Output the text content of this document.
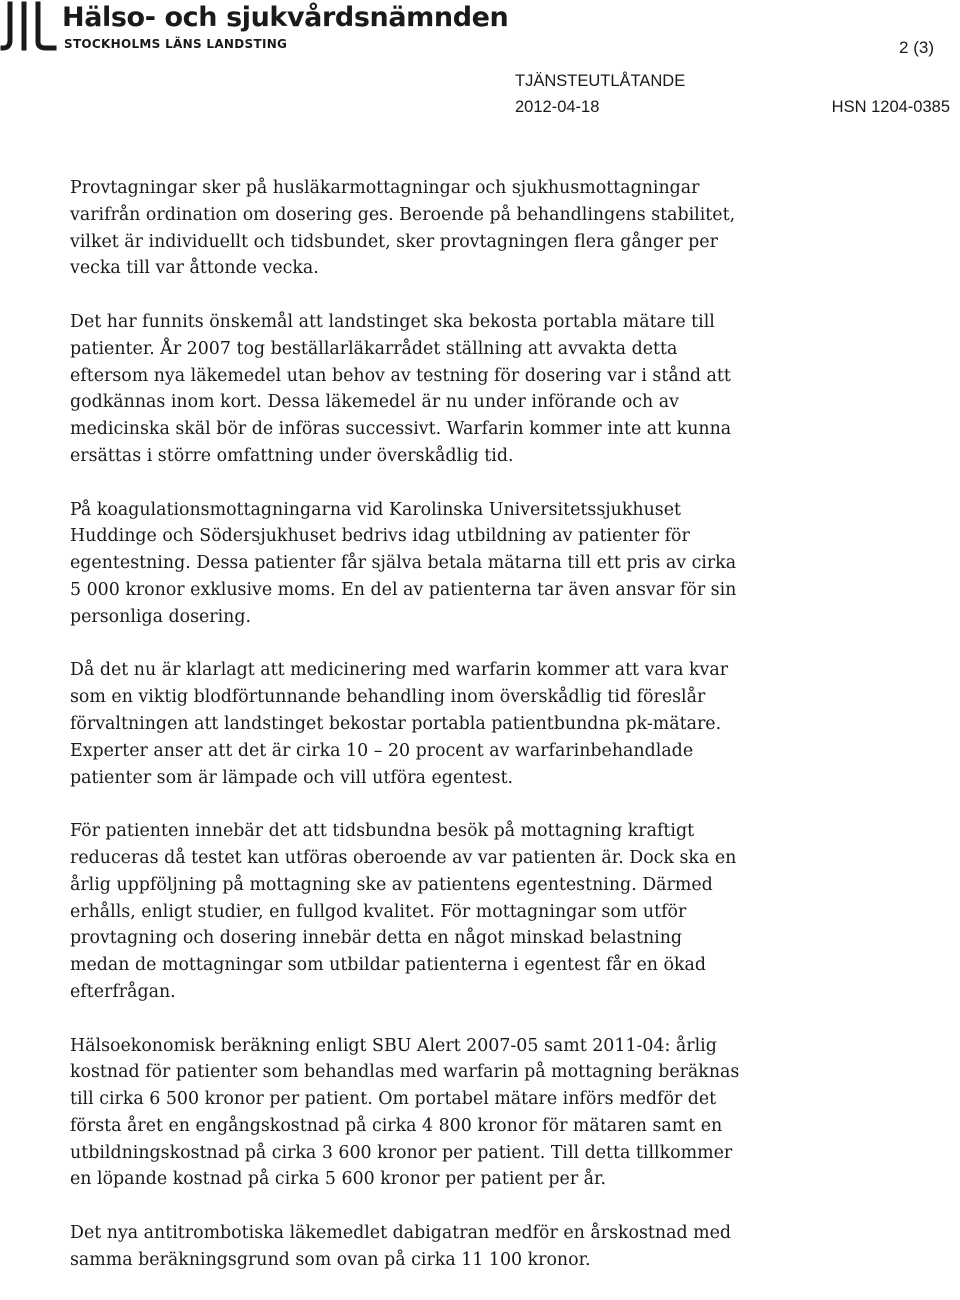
Hälso- och sjukvårdsnämnden
STOCKHOLMS LÄNS LANDSTING	2 (3)
TJÄNSTEUTLÅTANDE
2012-04-18	HSN 1204-0385

Provtagningar sker på husläkarmottagningar och sjukhusmottagningar
varifrån ordination om dosering ges. Beroende på behandlingens stabilitet,
vilket är individuellt och tidsbundet, sker provtagningen flera gånger per
vecka till var åttonde vecka.

Det har funnits önskemål att landstinget ska bekosta portabla mätare till
patienter. År 2007 tog beställarläkarrådet ställning att avvakta detta
eftersom nya läkemedel utan behov av testning för dosering var i stånd att
godkännas inom kort. Dessa läkemedel är nu under införande och av
medicinska skäl bör de införas successivt. Warfarin kommer inte att kunna
ersättas i större omfattning under överskådlig tid.

På koagulationsmottagningarna vid Karolinska Universitetssjukhuset
Huddinge och Södersjukhuset bedrivs idag utbildning av patienter för
egentestning. Dessa patienter får själva betala mätarna till ett pris av cirka
5 000 kronor exklusive moms. En del av patienterna tar även ansvar för sin
personliga dosering.

Då det nu är klarlagt att medicinering med warfarin kommer att vara kvar
som en viktig blodförtunnande behandling inom överskådlig tid föreslår
förvaltningen att landstinget bekostar portabla patientbundna pk-mätare.
Experter anser att det är cirka 10 – 20 procent av warfarinbehandlade
patienter som är lämpade och vill utföra egentest.

För patienten innebär det att tidsbundna besök på mottagning kraftigt
reduceras då testet kan utföras oberoende av var patienten är. Dock ska en
årlig uppföljning på mottagning ske av patientens egentestning. Därmed
erhålls, enligt studier, en fullgod kvalitet. För mottagningar som utför
provtagning och dosering innebär detta en något minskad belastning
medan de mottagningar som utbildar patienterna i egentest får en ökad
efterfrågan.

Hälsoekonomisk beräkning enligt SBU Alert 2007-05 samt 2011-04: årlig
kostnad för patienter som behandlas med warfarin på mottagning beräknas
till cirka 6 500 kronor per patient. Om portabel mätare införs medför det
första året en engångskostnad på cirka 4 800 kronor för mätaren samt en
utbildningskostnad på cirka 3 600 kronor per patient. Till detta tillkommer
en löpande kostnad på cirka 5 600 kronor per patient per år.

Det nya antitrombotiska läkemedlet dabigatran medför en årskostnad med
samma beräkningsgrund som ovan på cirka 11 100 kronor.
